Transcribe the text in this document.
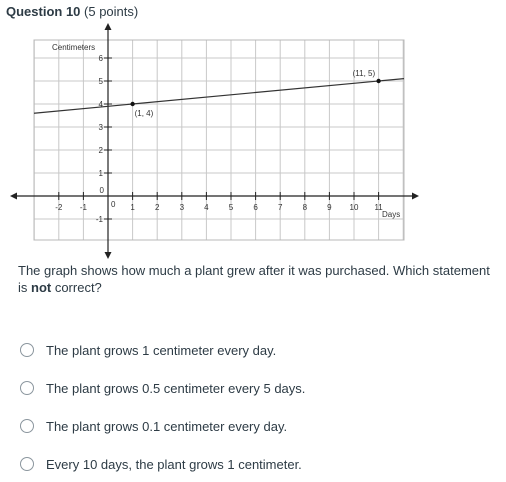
Question 10 (5 points)
-2 -1	1	2	3	4	5	6	7	8	9 10 11
-1
1
2
3
4
5
6
0
0
Centimeters
Days
(1, 4)
(11, 5)
The graph shows how much a plant grew after it was purchased. Which statement is not correct?
The plant grows 1 centimeter every day.
The plant grows 0.5 centimeter every 5 days.
The plant grows 0.1 centimeter every day.
Every 10 days, the plant grows 1 centimeter.
